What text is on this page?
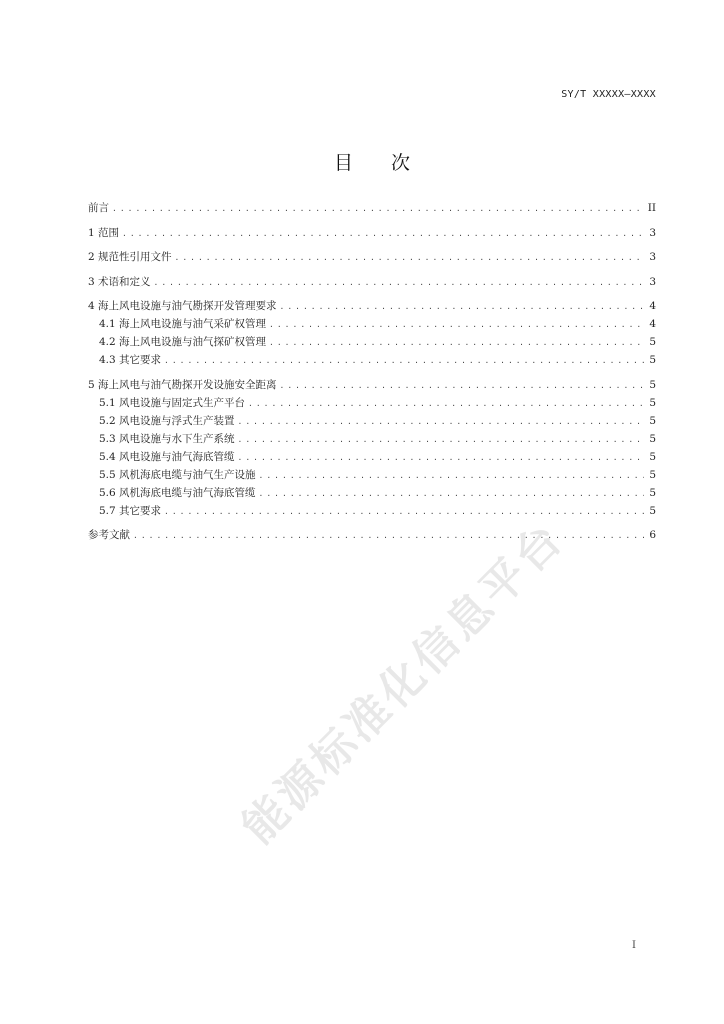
SY/T XXXXX—XXXX
目 次
前言 .....	II
1 范围 .....	3
2 规范性引用文件 .....	3
3 术语和定义 .....	3
4 海上风电设施与油气勘探开发管理要求 .....	4
4.1 海上风电设施与油气采矿权管理 .....	4
4.2 海上风电设施与油气探矿权管理 .....	5
4.3 其它要求 .....	5
5 海上风电与油气勘探开发设施安全距离 .....	5
5.1 风电设施与固定式生产平台 .....	5
5.2 风电设施与浮式生产装置 .....	5
5.3 风电设施与水下生产系统 .....	5
5.4 风电设施与油气海底管缆 .....	5
5.5 风机海底电缆与油气生产设施 .....	5
5.6 风机海底电缆与油气海底管缆 .....	5
5.7 其它要求 .....	5
参考文献 .....	6
能源标准化信息平台
I
